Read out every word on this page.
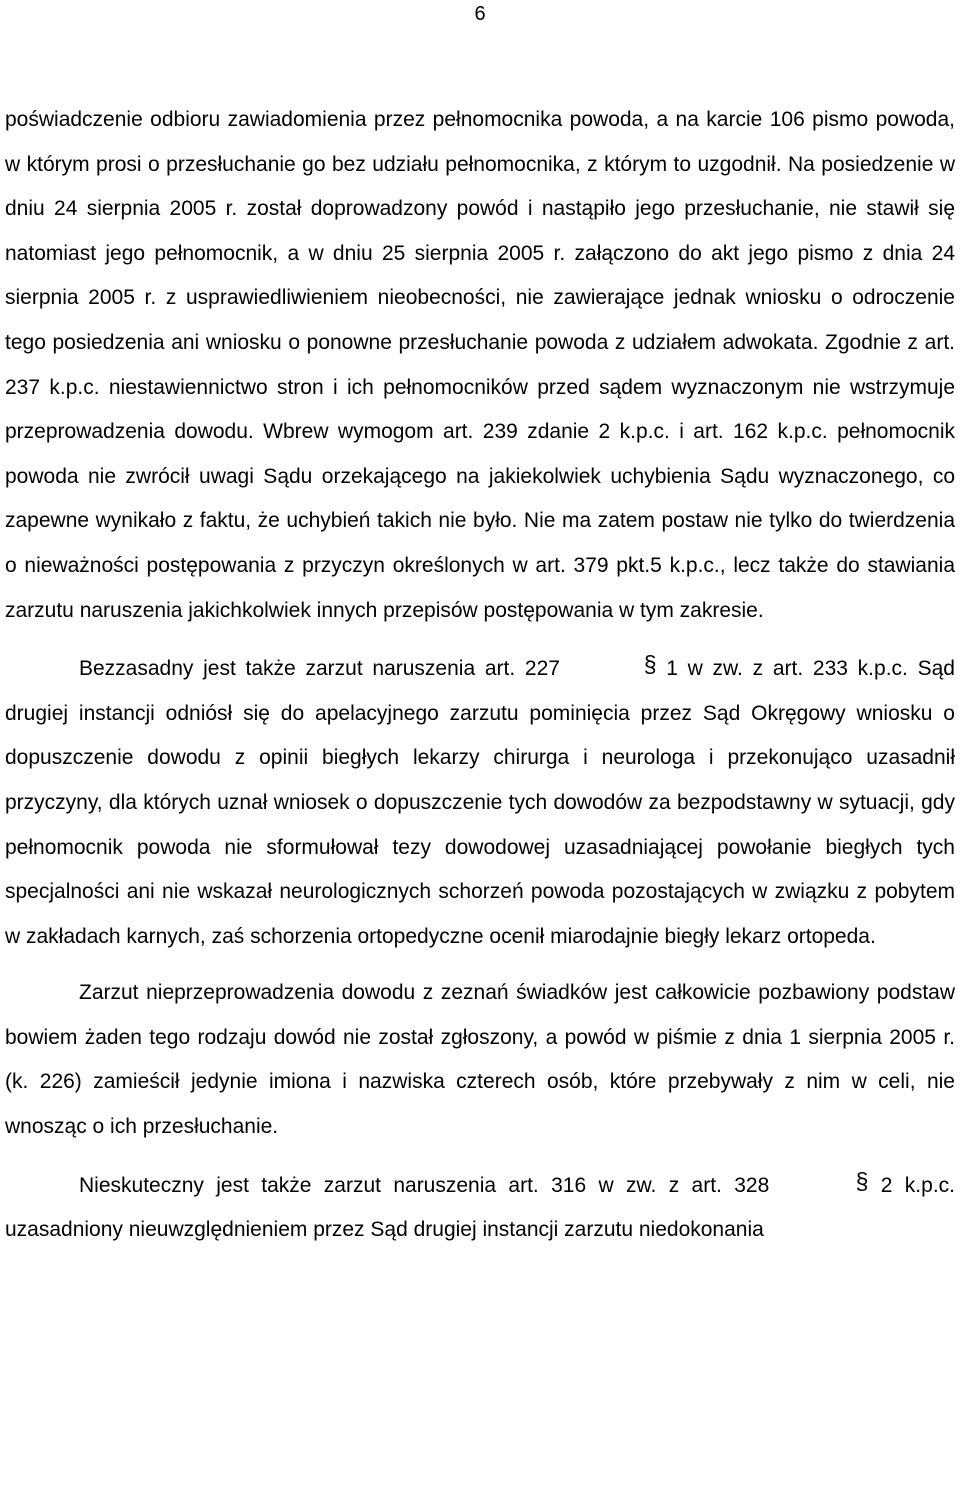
6

poświadczenie odbioru zawiadomienia przez pełnomocnika powoda, a na karcie 106 pismo powoda, w którym prosi o przesłuchanie go bez udziału pełnomocnika, z którym to uzgodnił. Na posiedzenie w dniu 24 sierpnia 2005 r. został doprowadzony powód i nastąpiło jego przesłuchanie, nie stawił się natomiast jego pełnomocnik, a w dniu 25 sierpnia 2005 r. załączono do akt jego pismo z dnia 24 sierpnia 2005 r. z usprawiedliwieniem nieobecności, nie zawierające jednak wniosku o odroczenie tego posiedzenia ani wniosku o ponowne przesłuchanie powoda z udziałem adwokata. Zgodnie z art. 237 k.p.c. niestawiennictwo stron i ich pełnomocników przed sądem wyznaczonym nie wstrzymuje przeprowadzenia dowodu. Wbrew wymogom art. 239 zdanie 2 k.p.c. i art. 162 k.p.c. pełnomocnik powoda nie zwrócił uwagi Sądu orzekającego na jakiekolwiek uchybienia Sądu wyznaczonego, co zapewne wynikało z faktu, że uchybień takich nie było. Nie ma zatem postaw nie tylko do twierdzenia o nieważności postępowania z przyczyn określonych w art. 379 pkt.5 k.p.c., lecz także do stawiania zarzutu naruszenia jakichkolwiek innych przepisów postępowania w tym zakresie.

Bezzasadny jest także zarzut naruszenia art. 227	§ 1 w zw. z art. 233 k.p.c. Sąd drugiej instancji odniósł się do apelacyjnego zarzutu pominięcia przez Sąd Okręgowy wniosku o dopuszczenie dowodu z opinii biegłych lekarzy chirurga i neurologa i przekonująco uzasadnił przyczyny, dla których uznał wniosek o dopuszczenie tych dowodów za bezpodstawny w sytuacji, gdy pełnomocnik powoda nie sformułował tezy dowodowej uzasadniającej powołanie biegłych tych specjalności ani nie wskazał neurologicznych schorzeń powoda pozostających w związku z pobytem w zakładach karnych, zaś schorzenia ortopedyczne ocenił miarodajnie biegły lekarz ortopeda.

Zarzut nieprzeprowadzenia dowodu z zeznań świadków jest całkowicie pozbawiony podstaw bowiem żaden tego rodzaju dowód nie został zgłoszony, a powód w piśmie z dnia 1 sierpnia 2005 r. (k. 226) zamieścił jedynie imiona i nazwiska czterech osób, które przebywały z nim w celi, nie wnosząc o ich przesłuchanie.

Nieskuteczny jest także zarzut naruszenia art. 316 w zw. z art. 328	§ 2 k.p.c. uzasadniony nieuwzględnieniem przez Sąd drugiej instancji zarzutu niedokonania
